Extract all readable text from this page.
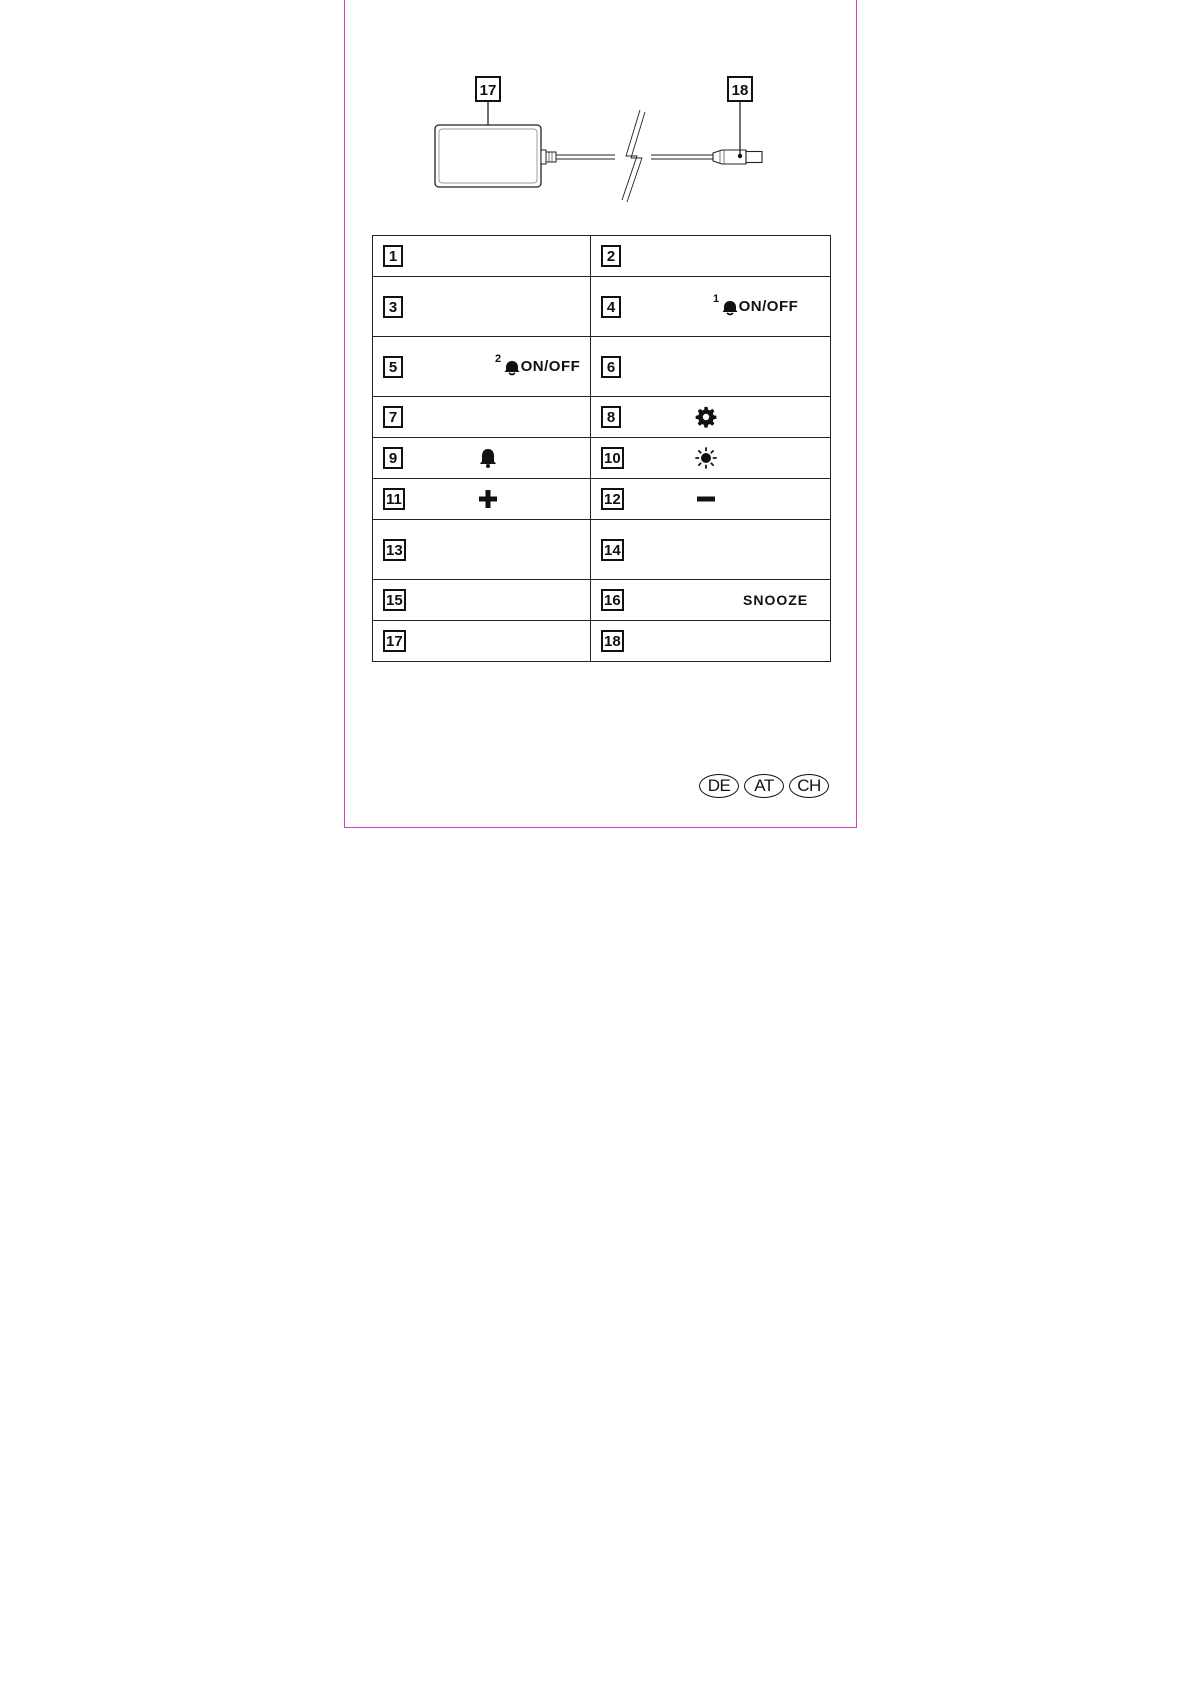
17	18
1	2
3	4 1 ON/OFF

5 2 ON/OFF	6
7	8

9	10

11	12

13	14
15	16 SNOOZE

17	18
DE	AT	CH
